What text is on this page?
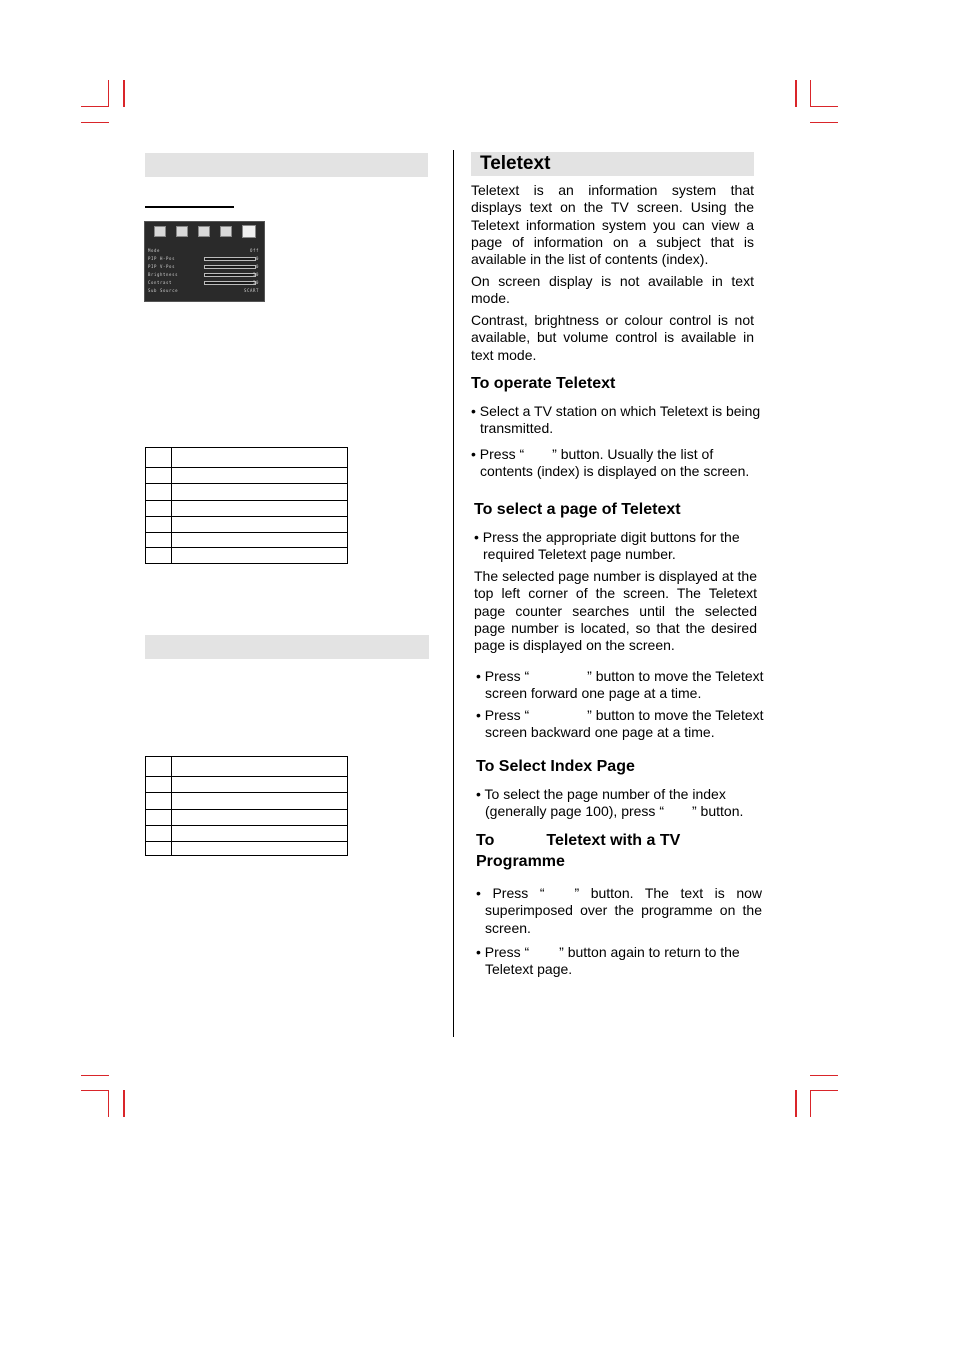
Mode	Off
PIP H-Pos	0
PIP V-Pos	0
Brightness	50
Contrast	50
Sub Source	SCART

Teletext

Teletext is an information system that displays text on the TV screen. Using the Teletext information system you can view a page of information on a subject that is available in the list of contents (index).

On screen display is not available in text mode.

Contrast, brightness or colour control is not available, but volume control is available in text mode.

To operate Teletext

• Select a TV station on which Teletext is being transmitted.

• Press “ ” button. Usually the list of contents (index) is displayed on the screen.

To select a page of Teletext

• Press the appropriate digit buttons for the required Teletext page number.

The selected page number is displayed at the top left corner of the screen. The Teletext page counter searches until the selected page number is located, so that the desired page is displayed on the screen.

• Press “	” button to move the Teletext screen forward one page at a time.

• Press “	” button to move the Teletext screen backward one page at a time.

To Select Index Page

• To select the page number of the index (generally page 100), press “ ” button.

To	Teletext with a TV
Programme

• Press “ ” button. The text is now superimposed over the programme on the screen.

• Press “ ” button again to return to the Teletext page.
